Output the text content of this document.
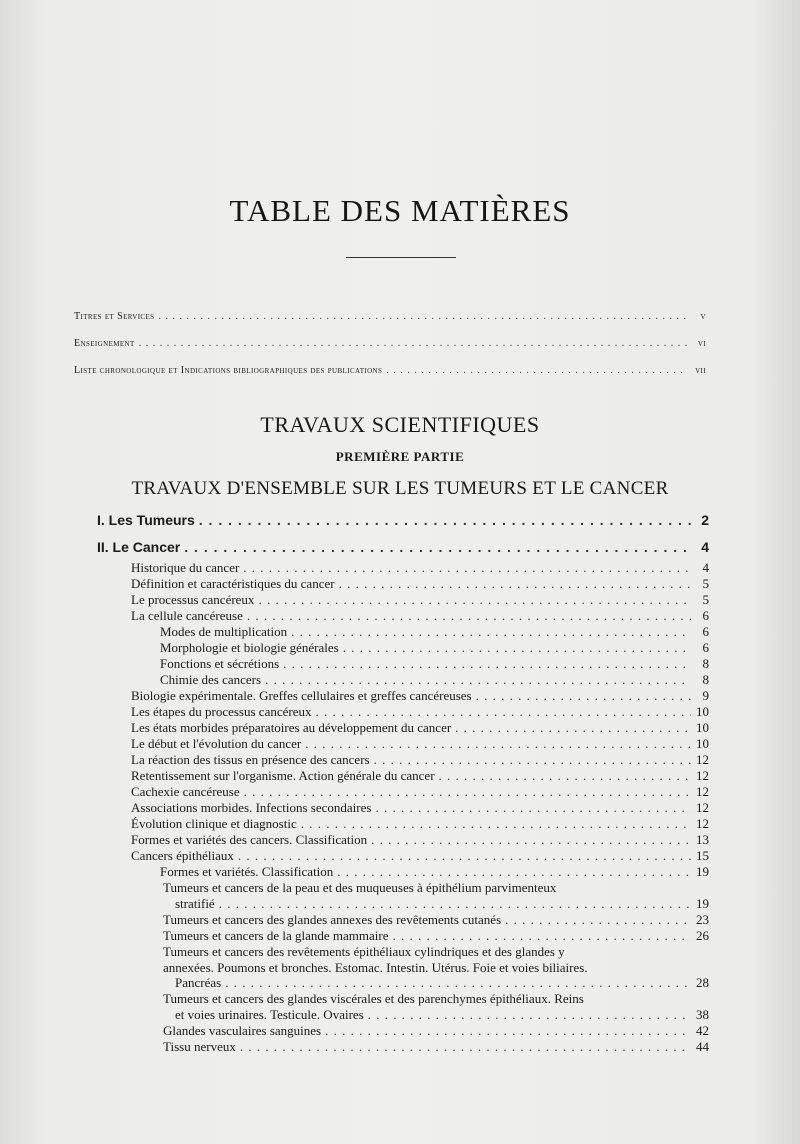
TABLE DES MATIÈRES
Titres et Services . . .	v
Enseignement . . .	vi
Liste chronologique et Indications bibliographiques des publications . . .	vii
TRAVAUX SCIENTIFIQUES
PREMIÈRE PARTIE
TRAVAUX D'ENSEMBLE SUR LES TUMEURS ET LE CANCER
I. Les Tumeurs . . .	2
II. Le Cancer . . .	4
Historique du cancer . . .	4
Définition et caractéristiques du cancer . . .	5
Le processus cancéreux . . .	5
La cellule cancéreuse . . .	6
Modes de multiplication . . .	6
Morphologie et biologie générales . . .	6
Fonctions et sécrétions . . .	8
Chimie des cancers . . .	8
Biologie expérimentale. Greffes cellulaires et greffes cancéreuses . . .	9
Les étapes du processus cancéreux . . .	10
Les états morbides préparatoires au développement du cancer . . .	10
Le début et l'évolution du cancer . . .	10
La réaction des tissus en présence des cancers . . .	12
Retentissement sur l'organisme. Action générale du cancer . . .	12
Cachexie cancéreuse . . .	12
Associations morbides. Infections secondaires . . .	12
Évolution clinique et diagnostic . . .	12
Formes et variétés des cancers. Classification . . .	13
Cancers épithéliaux . . .	15
Formes et variétés. Classification . . .	19
Tumeurs et cancers de la peau et des muqueuses à épithélium parvimenteux
stratifié . . .	19
Tumeurs et cancers des glandes annexes des revêtements cutanés . . .	23
Tumeurs et cancers de la glande mammaire . . .	26
Tumeurs et cancers des revêtements épithéliaux cylindriques et des glandes y
annexées. Poumons et bronches. Estomac. Intestin. Utérus. Foie et voies biliaires.
Pancréas . . .	28
Tumeurs et cancers des glandes viscérales et des parenchymes épithéliaux. Reins
et voies urinaires. Testicule. Ovaires . . .	38
Glandes vasculaires sanguines . . .	42
Tissu nerveux . . .	44
